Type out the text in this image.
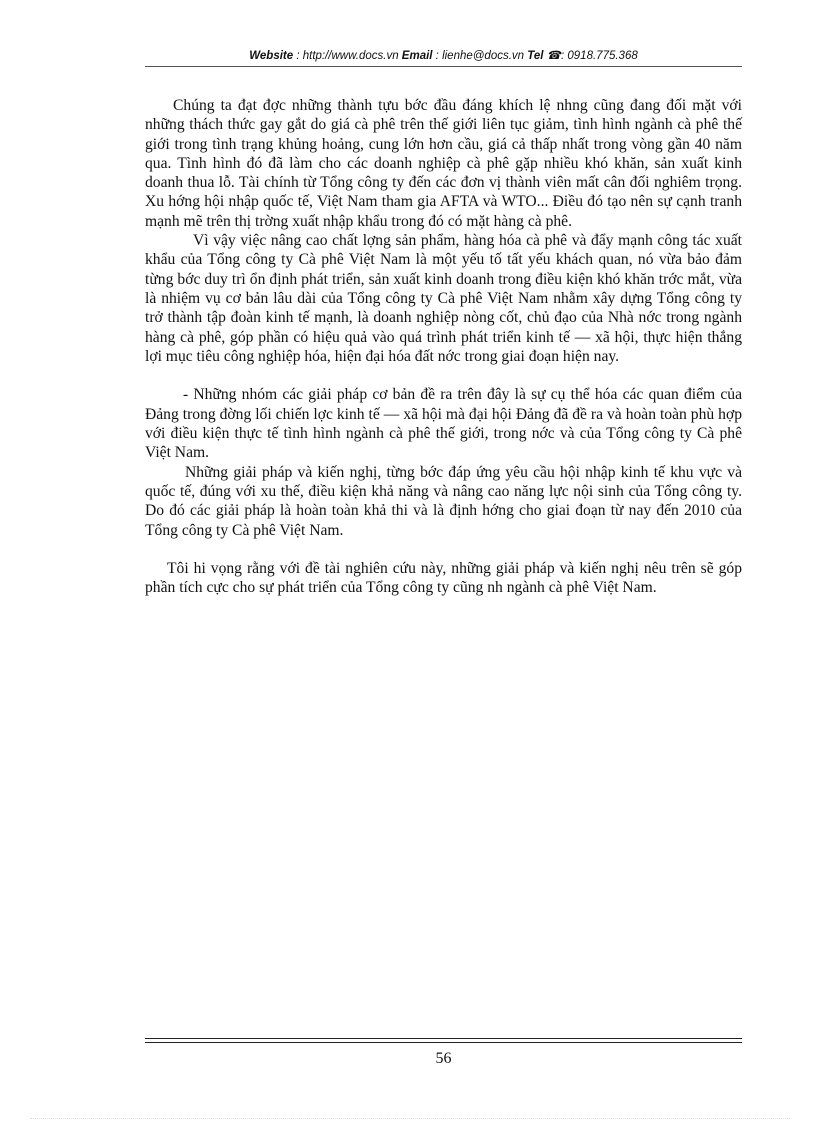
Website : http://www.docs.vn Email : lienhe@docs.vn Tel ☎: 0918.775.368

Chúng ta đạt đợc những thành tựu bớc đầu đáng khích lệ nhng cũng đang đối mặt với những thách thức gay gắt do giá cà phê trên thế giới liên tục giảm, tình hình ngành cà phê thế giới trong tình trạng khủng hoảng, cung lớn hơn cầu, giá cả thấp nhất trong vòng gần 40 năm qua. Tình hình đó đã làm cho các doanh nghiệp cà phê gặp nhiều khó khăn, sản xuất kinh doanh thua lỗ. Tài chính từ Tổng công ty đến các đơn vị thành viên mất cân đối nghiêm trọng. Xu hớng hội nhập quốc tế, Việt Nam tham gia AFTA và WTO... Điều đó tạo nên sự cạnh tranh mạnh mẽ trên thị trờng xuất nhập khẩu trong đó có mặt hàng cà phê.

Vì vậy việc nâng cao chất lợng sản phẩm, hàng hóa cà phê và đẩy mạnh công tác xuất khẩu của Tổng công ty Cà phê Việt Nam là một yếu tố tất yếu khách quan, nó vừa bảo đảm từng bớc duy trì ổn định phát triển, sản xuất kinh doanh trong điều kiện khó khăn trớc mắt, vừa là nhiệm vụ cơ bản lâu dài của Tổng công ty Cà phê Việt Nam nhằm xây dựng Tổng công ty trở thành tập đoàn kinh tế mạnh, là doanh nghiệp nòng cốt, chủ đạo của Nhà nớc trong ngành hàng cà phê, góp phần có hiệu quả vào quá trình phát triển kinh tế — xã hội, thực hiện thắng lợi mục tiêu công nghiệp hóa, hiện đại hóa đất nớc trong giai đoạn hiện nay.

- Những nhóm các giải pháp cơ bản đề ra trên đây là sự cụ thể hóa các quan điểm của Đảng trong đờng lối chiến lợc kinh tế — xã hội mà đại hội Đảng đã đề ra và hoàn toàn phù hợp với điều kiện thực tế tình hình ngành cà phê thế giới, trong nớc và của Tổng công ty Cà phê Việt Nam.

Những giải pháp và kiến nghị, từng bớc đáp ứng yêu cầu hội nhập kinh tế khu vực và quốc tế, đúng với xu thế, điều kiện khả năng và nâng cao năng lực nội sinh của Tổng công ty. Do đó các giải pháp là hoàn toàn khả thi và là định hớng cho giai đoạn từ nay đến 2010 của Tổng công ty Cà phê Việt Nam.

Tôi hi vọng rằng với đề tài nghiên cứu này, những giải pháp và kiến nghị nêu trên sẽ góp phần tích cực cho sự phát triển của Tổng công ty cũng nh ngành cà phê Việt Nam.

56
